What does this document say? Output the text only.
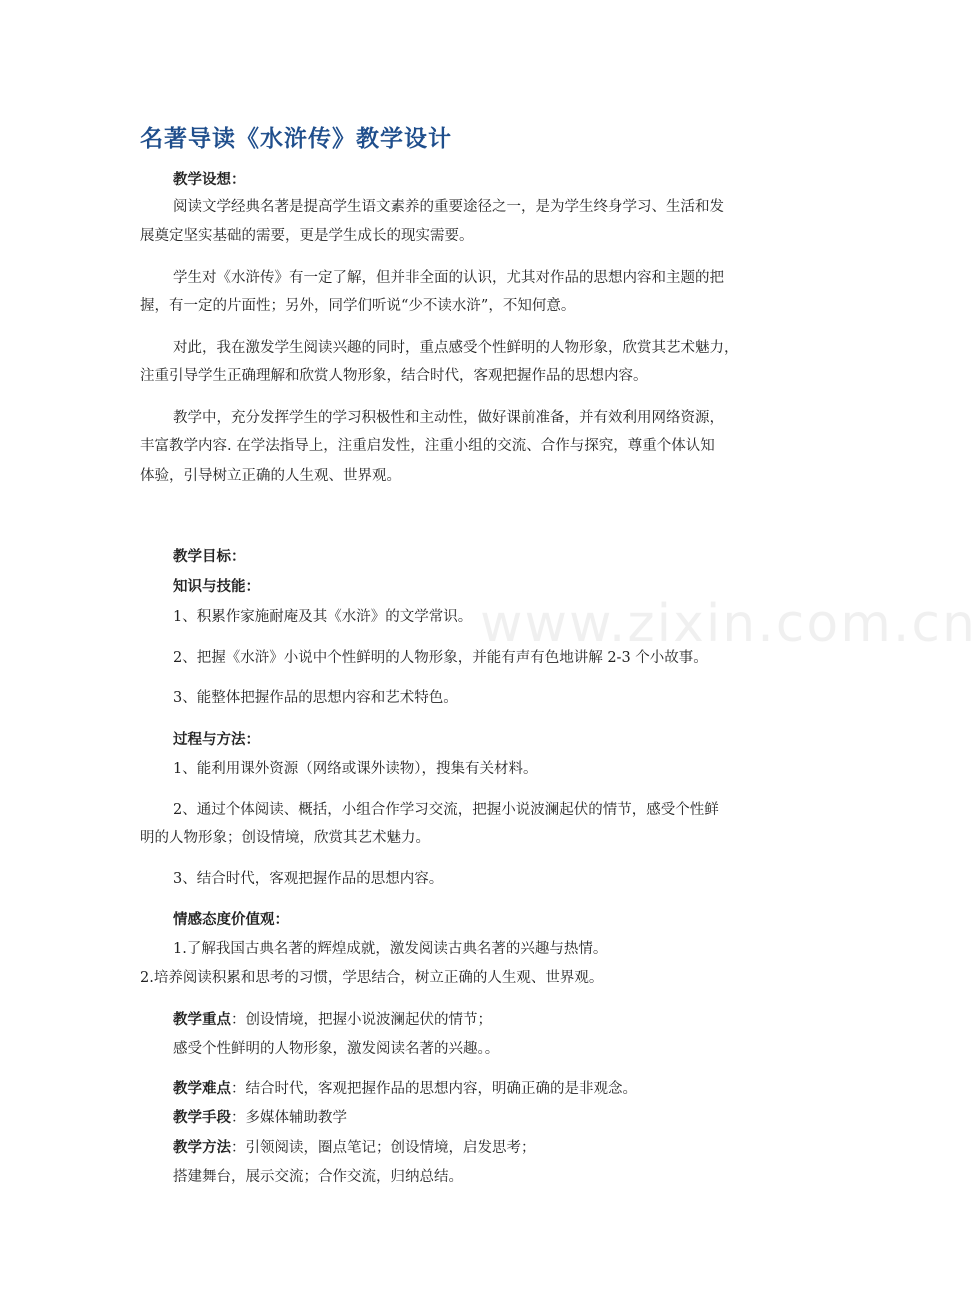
www.zixin.com.cn
名著导读《水浒传》教学设计
教学设想：
阅读文学经典名著是提高学生语文素养的重要途径之一，是为学生终身学习、生活和发
展奠定坚实基础的需要，更是学生成长的现实需要。
学生对《水浒传》有一定了解，但并非全面的认识，尤其对作品的思想内容和主题的把
握，有一定的片面性；另外，同学们听说“少不读水浒”，不知何意。
对此，我在激发学生阅读兴趣的同时，重点感受个性鲜明的人物形象，欣赏其艺术魅力，
注重引导学生正确理解和欣赏人物形象，结合时代，客观把握作品的思想内容。
教学中，充分发挥学生的学习积极性和主动性，做好课前准备，并有效利用网络资源，
丰富教学内容. 在学法指导上，注重启发性，注重小组的交流、合作与探究，尊重个体认知
体验，引导树立正确的人生观、世界观。
教学目标：
知识与技能：
1、积累作家施耐庵及其《水浒》的文学常识。
2、把握《水浒》小说中个性鲜明的人物形象，并能有声有色地讲解 2-3 个小故事。
3、能整体把握作品的思想内容和艺术特色。
过程与方法：
1、能利用课外资源（网络或课外读物），搜集有关材料。
2、通过个体阅读、概括，小组合作学习交流，把握小说波澜起伏的情节，感受个性鲜
明的人物形象；创设情境，欣赏其艺术魅力。
3、结合时代，客观把握作品的思想内容。
情感态度价值观：
1.了解我国古典名著的辉煌成就，激发阅读古典名著的兴趣与热情。
2.培养阅读积累和思考的习惯，学思结合，树立正确的人生观、世界观。
教学重点：创设情境，把握小说波澜起伏的情节；
感受个性鲜明的人物形象，激发阅读名著的兴趣。。
教学难点：结合时代，客观把握作品的思想内容，明确正确的是非观念。
教学手段：多媒体辅助教学
教学方法：引领阅读，圈点笔记；创设情境，启发思考；
搭建舞台，展示交流；合作交流，归纳总结。
